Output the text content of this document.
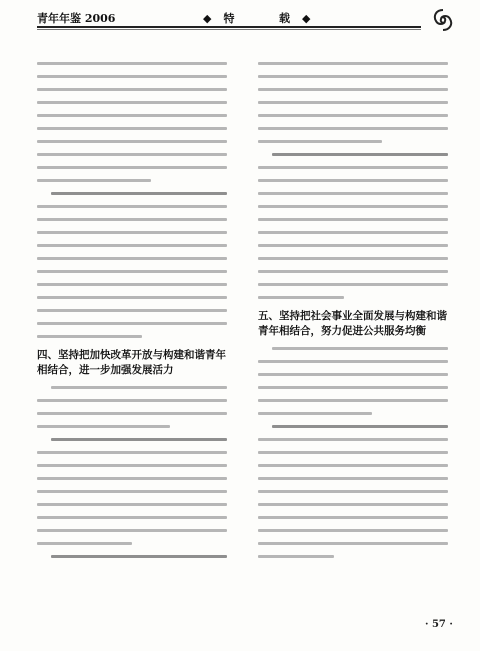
青年年鉴 2006	◆特	载◆
四、坚持把加快改革开放与构建和谐青年相结合，进一步加强发展活力
五、坚持把社会事业全面发展与构建和谐青年相结合，努力促进公共服务均衡
· 57 ·
